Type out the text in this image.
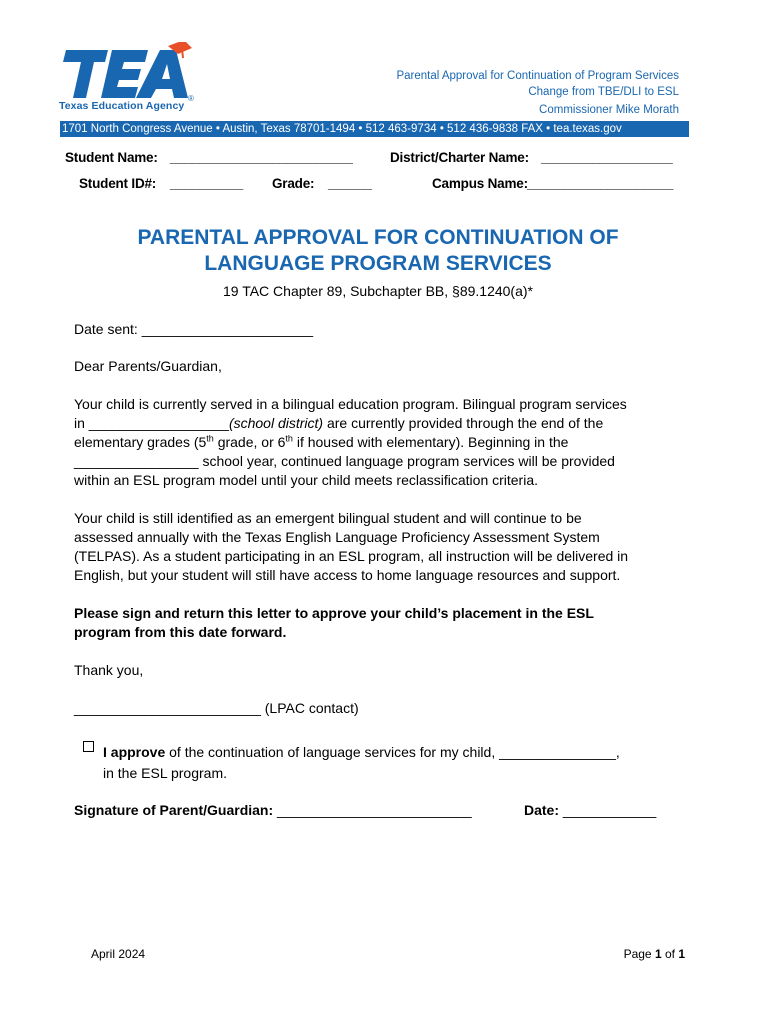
Texas Education Agency
®
Parental Approval for Continuation of Program Services
Change from TBE/DLI to ESL
Commissioner Mike Morath
1701 North Congress Avenue • Austin, Texas 78701-1494 • 512 463-9734 • 512 436-9838 FAX • tea.texas.gov
Student Name: _________________________	District/Charter Name: __________________
Student ID#: __________ Grade: ______	Campus Name: ____________________
PARENTAL APPROVAL FOR CONTINUATION OF
LANGUAGE PROGRAM SERVICES
19 TAC Chapter 89, Subchapter BB, §89.1240(a)*
Date sent: ______________________
Dear Parents/Guardian,
Your child is currently served in a bilingual education program. Bilingual program services
in __________________(school district) are currently provided through the end of the
elementary grades (5th grade, or 6th if housed with elementary). Beginning in the
________________ school year, continued language program services will be provided
within an ESL program model until your child meets reclassification criteria.
Your child is still identified as an emergent bilingual student and will continue to be
assessed annually with the Texas English Language Proficiency Assessment System
(TELPAS). As a student participating in an ESL program, all instruction will be delivered in
English, but your student will still have access to home language resources and support.
Please sign and return this letter to approve your child’s placement in the ESL
program from this date forward.
Thank you,
________________________ (LPAC contact)
I approve of the continuation of language services for my child, _______________,
in the ESL program.
Signature of Parent/Guardian: _________________________	Date: ____________
April 2024	Page 1 of 1
